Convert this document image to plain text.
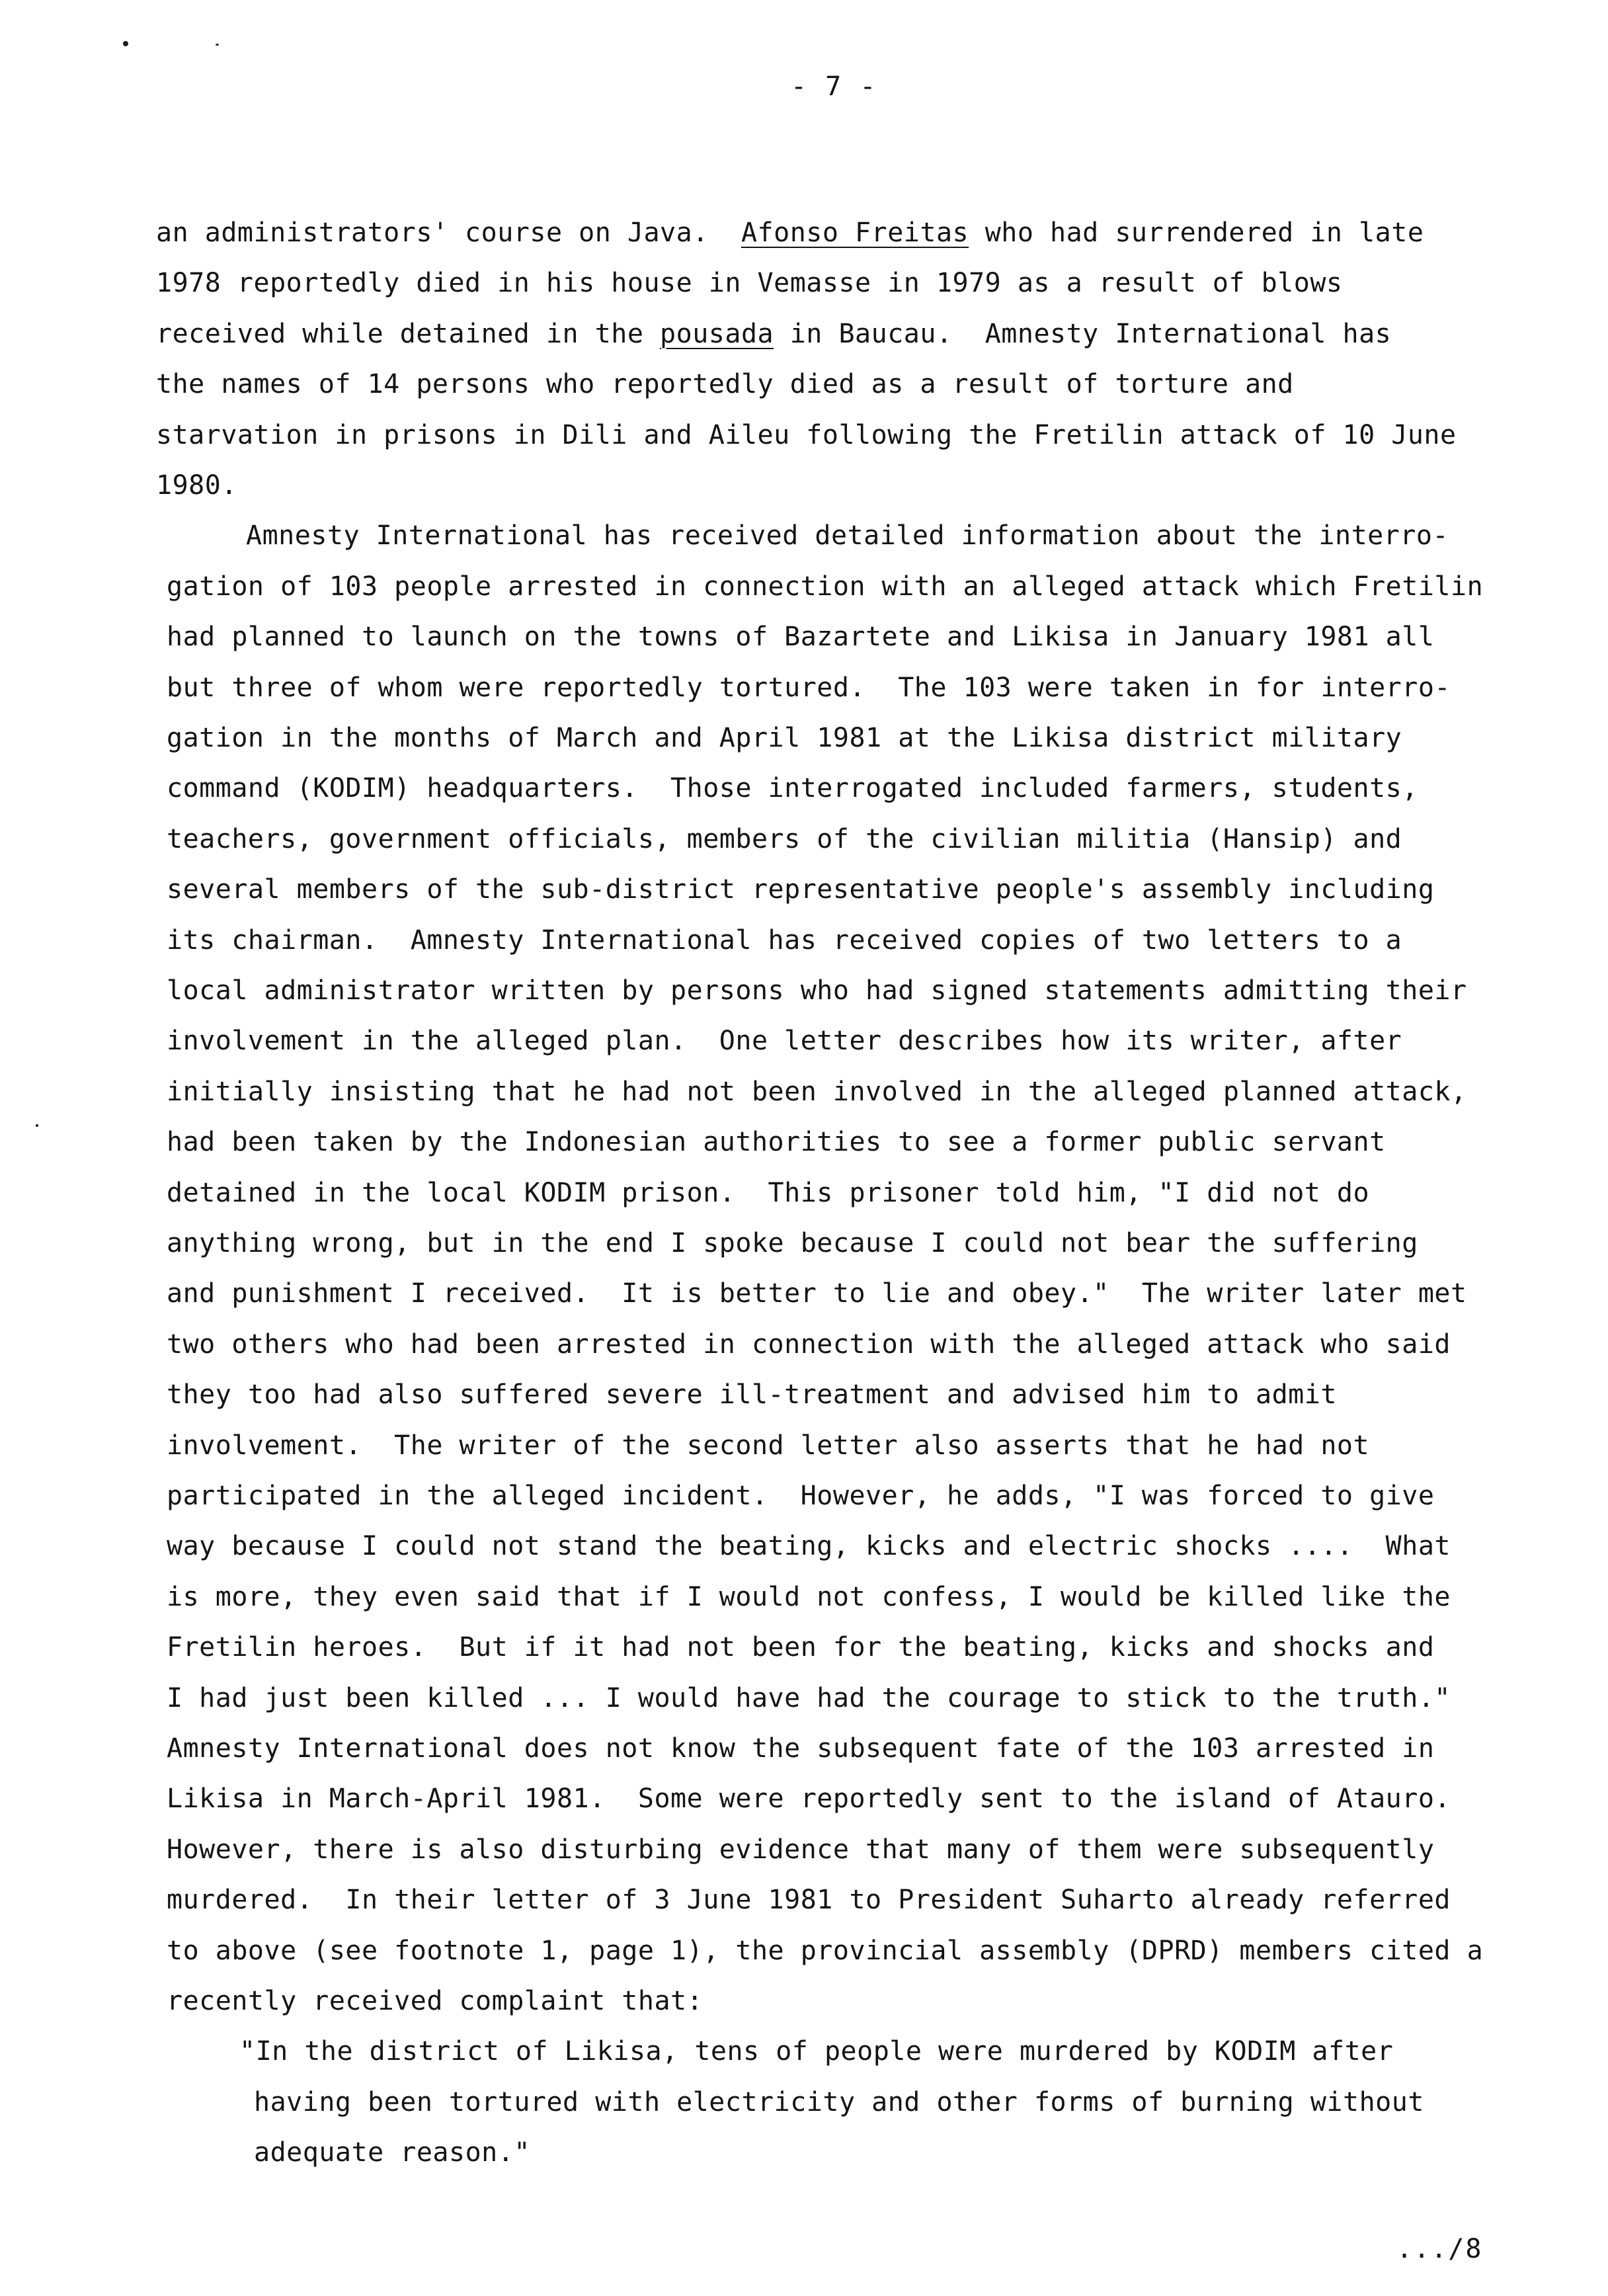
- 7 -
an administrators' course on Java.  Afonso Freitas who had surrendered in late
1978 reportedly died in his house in Vemasse in 1979 as a result of blows
received while detained in the pousada in Baucau.  Amnesty International has
the names of 14 persons who reportedly died as a result of torture and
starvation in prisons in Dili and Aileu following the Fretilin attack of 10 June
1980.
Amnesty International has received detailed information about the interro-
gation of 103 people arrested in connection with an alleged attack which Fretilin
had planned to launch on the towns of Bazartete and Likisa in January 1981 all
but three of whom were reportedly tortured.  The 103 were taken in for interro-
gation in the months of March and April 1981 at the Likisa district military
command (KODIM) headquarters.  Those interrogated included farmers, students,
teachers, government officials, members of the civilian militia (Hansip) and
several members of the sub-district representative people's assembly including
its chairman.  Amnesty International has received copies of two letters to a
local administrator written by persons who had signed statements admitting their
involvement in the alleged plan.  One letter describes how its writer, after
initially insisting that he had not been involved in the alleged planned attack,
had been taken by the Indonesian authorities to see a former public servant
detained in the local KODIM prison.  This prisoner told him, "I did not do
anything wrong, but in the end I spoke because I could not bear the suffering
and punishment I received.  It is better to lie and obey."  The writer later met
two others who had been arrested in connection with the alleged attack who said
they too had also suffered severe ill-treatment and advised him to admit
involvement.  The writer of the second letter also asserts that he had not
participated in the alleged incident.  However, he adds, "I was forced to give
way because I could not stand the beating, kicks and electric shocks ....  What
is more, they even said that if I would not confess, I would be killed like the
Fretilin heroes.  But if it had not been for the beating, kicks and shocks and
I had just been killed ... I would have had the courage to stick to the truth."
Amnesty International does not know the subsequent fate of the 103 arrested in
Likisa in March-April 1981.  Some were reportedly sent to the island of Atauro.
However, there is also disturbing evidence that many of them were subsequently
murdered.  In their letter of 3 June 1981 to President Suharto already referred
to above (see footnote 1, page 1), the provincial assembly (DPRD) members cited a
recently received complaint that:
"In the district of Likisa, tens of people were murdered by KODIM after
having been tortured with electricity and other forms of burning without
adequate reason."
.../8
